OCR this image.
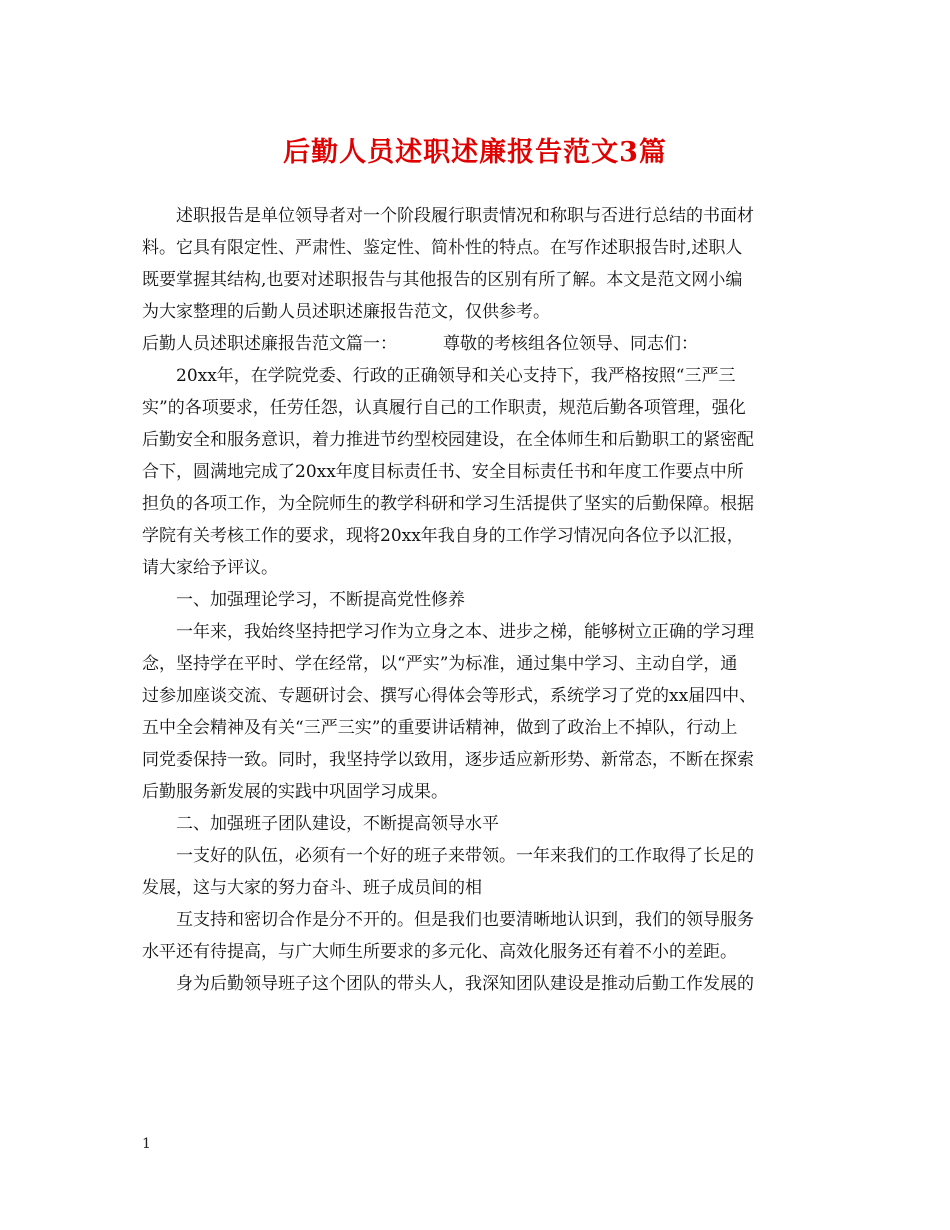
后勤人员述职述廉报告范文3篇
述职报告是单位领导者对一个阶段履行职责情况和称职与否进行总结的书面材
料。它具有限定性、严肃性、鉴定性、简朴性的特点。在写作述职报告时,述职人
既要掌握其结构,也要对述职报告与其他报告的区别有所了解。本文是范文网小编
为大家整理的后勤人员述职述廉报告范文，仅供参考。
后勤人员述职述廉报告范文篇一：	尊敬的考核组各位领导、同志们：
20xx年，在学院党委、行政的正确领导和关心支持下，我严格按照“三严三
实”的各项要求，任劳任怨，认真履行自己的工作职责，规范后勤各项管理，强化
后勤安全和服务意识，着力推进节约型校园建设，在全体师生和后勤职工的紧密配
合下，圆满地完成了20xx年度目标责任书、安全目标责任书和年度工作要点中所
担负的各项工作，为全院师生的教学科研和学习生活提供了坚实的后勤保障。根据
学院有关考核工作的要求，现将20xx年我自身的工作学习情况向各位予以汇报，
请大家给予评议。
一、加强理论学习，不断提高党性修养
一年来，我始终坚持把学习作为立身之本、进步之梯，能够树立正确的学习理
念，坚持学在平时、学在经常，以“严实”为标准，通过集中学习、主动自学，通
过参加座谈交流、专题研讨会、撰写心得体会等形式，系统学习了党的xx届四中、
五中全会精神及有关“三严三实”的重要讲话精神，做到了政治上不掉队，行动上
同党委保持一致。同时，我坚持学以致用，逐步适应新形势、新常态，不断在探索
后勤服务新发展的实践中巩固学习成果。
二、加强班子团队建设，不断提高领导水平
一支好的队伍，必须有一个好的班子来带领。一年来我们的工作取得了长足的
发展，这与大家的努力奋斗、班子成员间的相
互支持和密切合作是分不开的。但是我们也要清晰地认识到，我们的领导服务
水平还有待提高，与广大师生所要求的多元化、高效化服务还有着不小的差距。
身为后勤领导班子这个团队的带头人，我深知团队建设是推动后勤工作发展的
1
